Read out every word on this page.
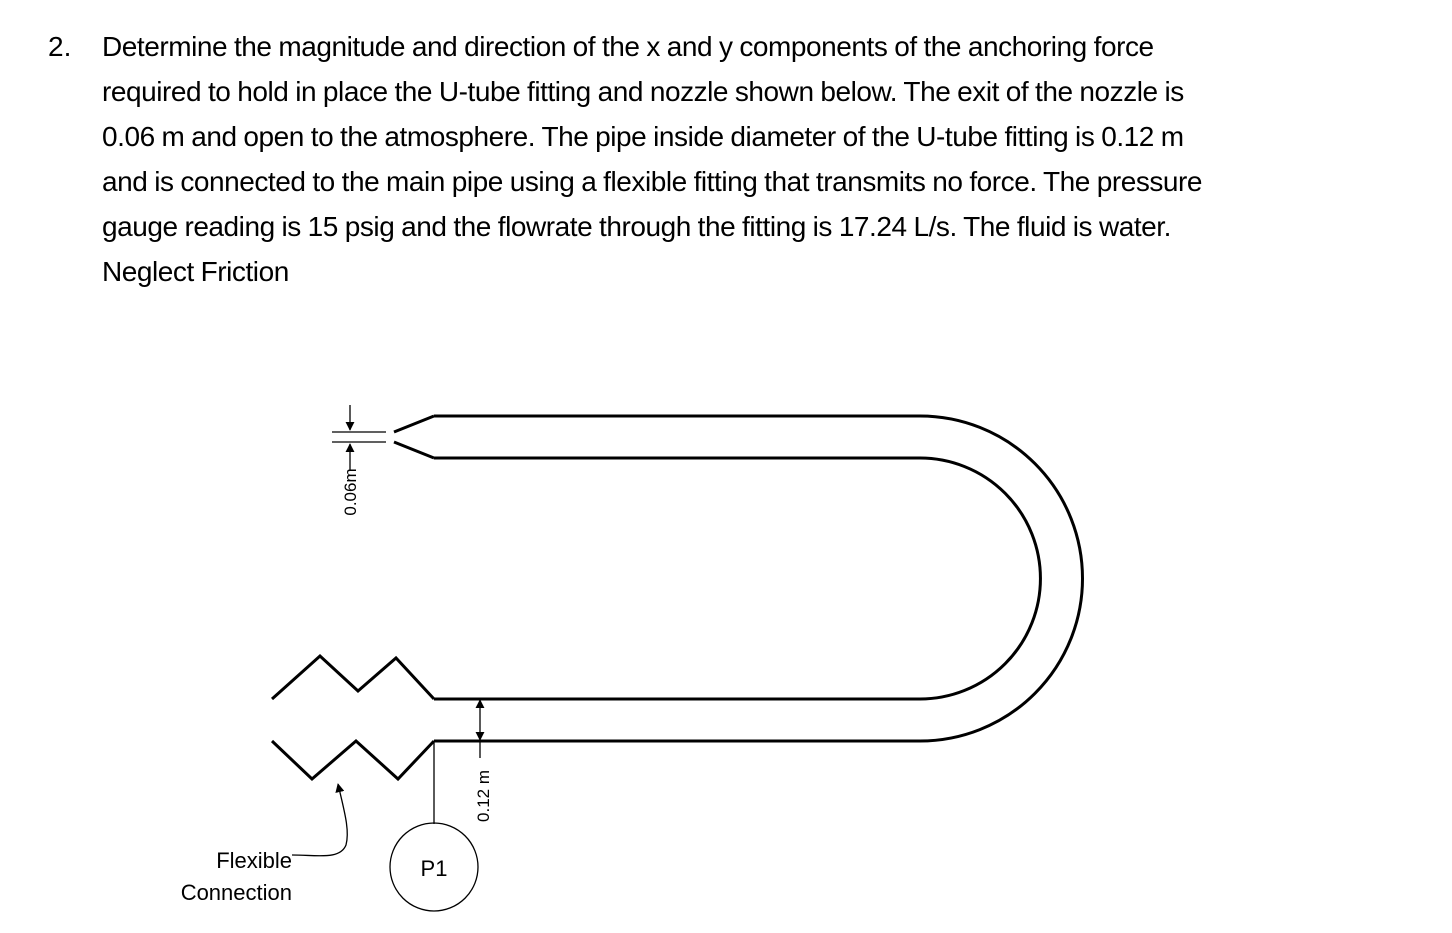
2. Determine the magnitude and direction of the x and y components of the anchoring force
required to hold in place the U-tube fitting and nozzle shown below. The exit of the nozzle is
0.06 m and open to the atmosphere. The pipe inside diameter of the U-tube fitting is 0.12 m
and is connected to the main pipe using a flexible fitting that transmits no force. The pressure
gauge reading is 15 psig and the flowrate through the fitting is 17.24 L/s. The fluid is water.
Neglect Friction
0.06m
0.12 m
P1
Flexible
Connection
